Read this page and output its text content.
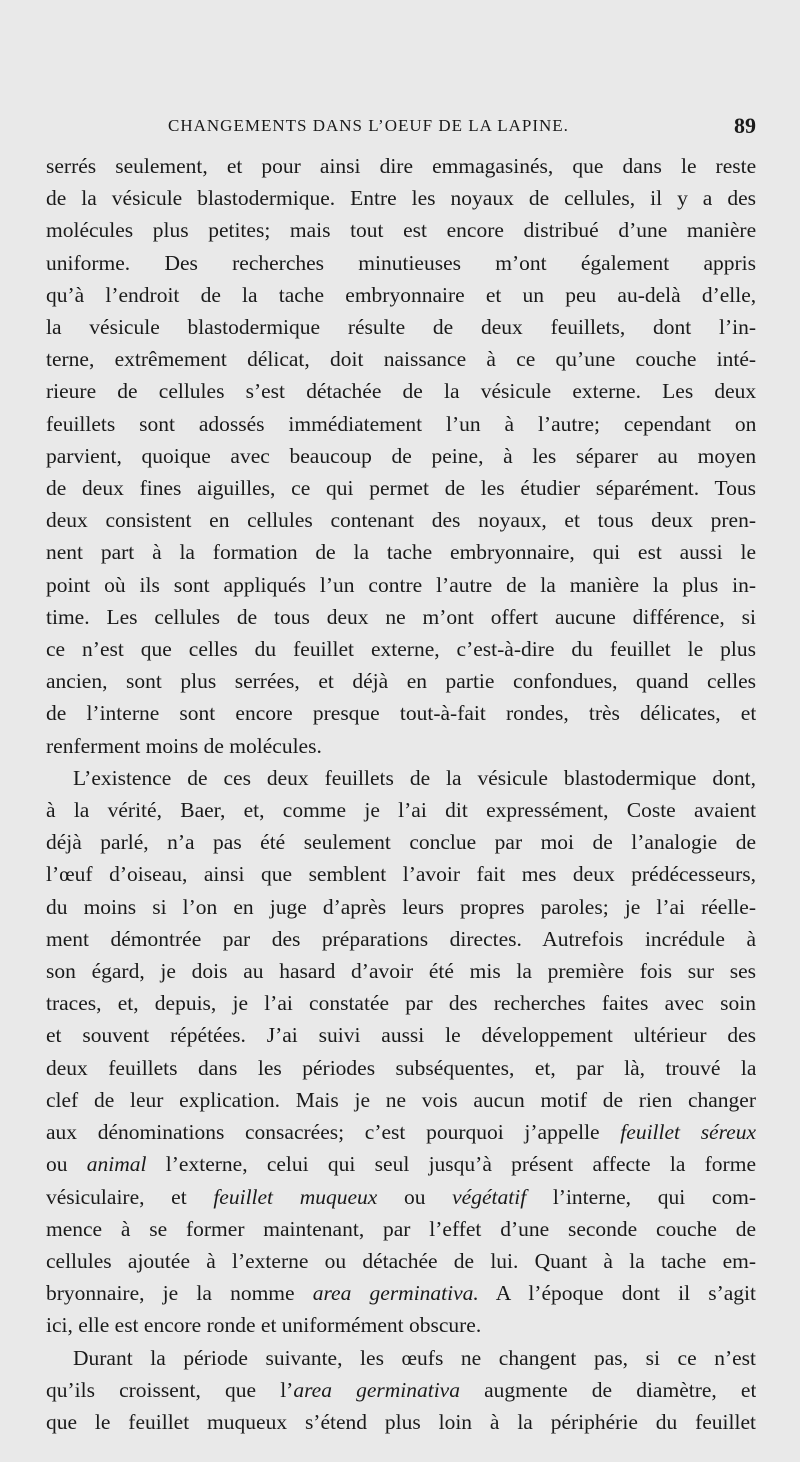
CHANGEMENTS DANS L’OEUF DE LA LAPINE.	89
serrés seulement, et pour ainsi dire emmagasinés, que dans le reste
de la vésicule blastodermique. Entre les noyaux de cellules, il y a des
molécules plus petites; mais tout est encore distribué d’une manière
uniforme. Des recherches minutieuses m’ont également appris
qu’à l’endroit de la tache embryonnaire et un peu au-delà d’elle,
la vésicule blastodermique résulte de deux feuillets, dont l’in-
terne, extrêmement délicat, doit naissance à ce qu’une couche inté-
rieure de cellules s’est détachée de la vésicule externe. Les deux
feuillets sont adossés immédiatement l’un à l’autre; cependant on
parvient, quoique avec beaucoup de peine, à les séparer au moyen
de deux fines aiguilles, ce qui permet de les étudier séparément. Tous
deux consistent en cellules contenant des noyaux, et tous deux pren-
nent part à la formation de la tache embryonnaire, qui est aussi le
point où ils sont appliqués l’un contre l’autre de la manière la plus in-
time. Les cellules de tous deux ne m’ont offert aucune différence, si
ce n’est que celles du feuillet externe, c’est-à-dire du feuillet le plus
ancien, sont plus serrées, et déjà en partie confondues, quand celles
de l’interne sont encore presque tout-à-fait rondes, très délicates, et
renferment moins de molécules.
L’existence de ces deux feuillets de la vésicule blastodermique dont,
à la vérité, Baer, et, comme je l’ai dit expressément, Coste avaient
déjà parlé, n’a pas été seulement conclue par moi de l’analogie de
l’œuf d’oiseau, ainsi que semblent l’avoir fait mes deux prédécesseurs,
du moins si l’on en juge d’après leurs propres paroles; je l’ai réelle-
ment démontrée par des préparations directes. Autrefois incrédule à
son égard, je dois au hasard d’avoir été mis la première fois sur ses
traces, et, depuis, je l’ai constatée par des recherches faites avec soin
et souvent répétées. J’ai suivi aussi le développement ultérieur des
deux feuillets dans les périodes subséquentes, et, par là, trouvé la
clef de leur explication. Mais je ne vois aucun motif de rien changer
aux dénominations consacrées; c’est pourquoi j’appelle feuillet séreux
ou animal l’externe, celui qui seul jusqu’à présent affecte la forme
vésiculaire, et feuillet muqueux ou végétatif l’interne, qui com-
mence à se former maintenant, par l’effet d’une seconde couche de
cellules ajoutée à l’externe ou détachée de lui. Quant à la tache em-
bryonnaire, je la nomme area germinativa. A l’époque dont il s’agit
ici, elle est encore ronde et uniformément obscure.
Durant la période suivante, les œufs ne changent pas, si ce n’est
qu’ils croissent, que l’area germinativa augmente de diamètre, et
que le feuillet muqueux s’étend plus loin à la périphérie du feuillet
